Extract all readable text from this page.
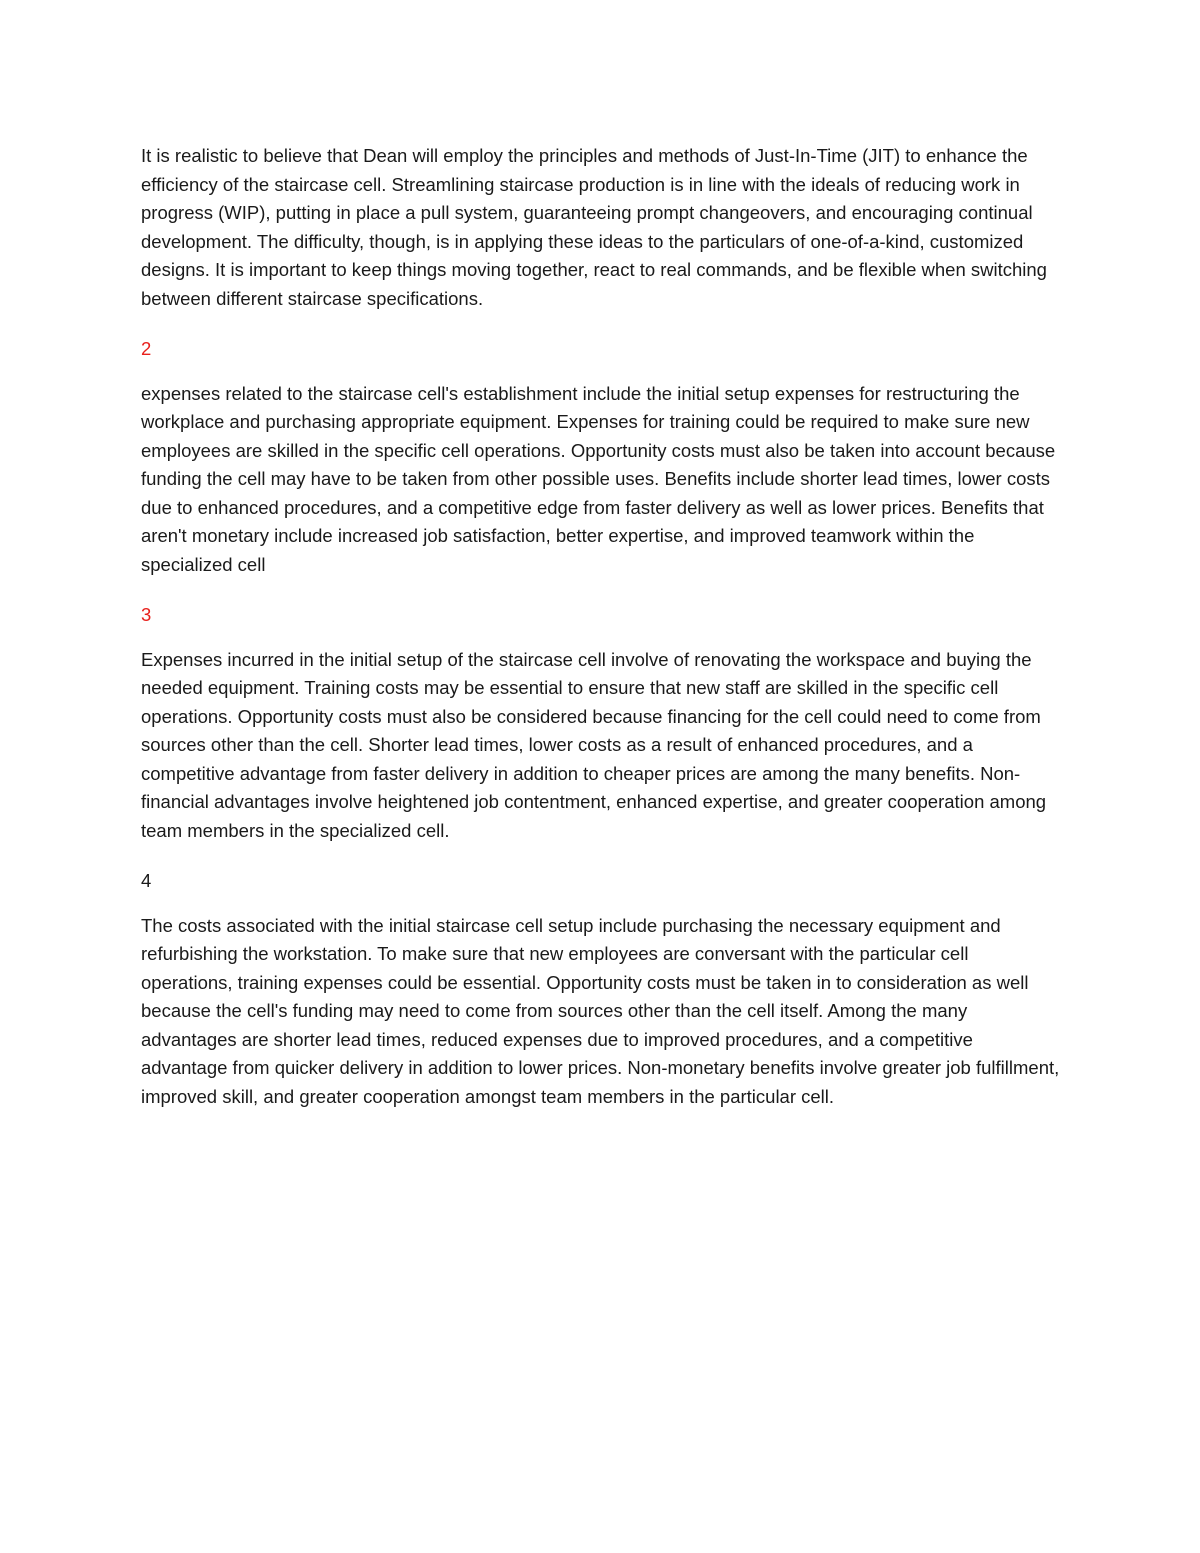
It is realistic to believe that Dean will employ the principles and methods of Just-In-Time (JIT) to enhance the efficiency of the staircase cell. Streamlining staircase production is in line with the ideals of reducing work in progress (WIP), putting in place a pull system, guaranteeing prompt changeovers, and encouraging continual development. The difficulty, though, is in applying these ideas to the particulars of one-of-a-kind, customized designs. It is important to keep things moving together, react to real commands, and be flexible when switching between different staircase specifications.

2

expenses related to the staircase cell's establishment include the initial setup expenses for restructuring the workplace and purchasing appropriate equipment. Expenses for training could be required to make sure new employees are skilled in the specific cell operations. Opportunity costs must also be taken into account because funding the cell may have to be taken from other possible uses. Benefits include shorter lead times, lower costs due to enhanced procedures, and a competitive edge from faster delivery as well as lower prices. Benefits that aren't monetary include increased job satisfaction, better expertise, and improved teamwork within the specialized cell

3

Expenses incurred in the initial setup of the staircase cell involve of renovating the workspace and buying the needed equipment. Training costs may be essential to ensure that new staff are skilled in the specific cell operations. Opportunity costs must also be considered because financing for the cell could need to come from sources other than the cell. Shorter lead times, lower costs as a result of enhanced procedures, and a competitive advantage from faster delivery in addition to cheaper prices are among the many benefits. Non-financial advantages involve heightened job contentment, enhanced expertise, and greater cooperation among team members in the specialized cell.

4

The costs associated with the initial staircase cell setup include purchasing the necessary equipment and refurbishing the workstation. To make sure that new employees are conversant with the particular cell operations, training expenses could be essential. Opportunity costs must be taken in to consideration as well because the cell's funding may need to come from sources other than the cell itself. Among the many advantages are shorter lead times, reduced expenses due to improved procedures, and a competitive advantage from quicker delivery in addition to lower prices. Non-monetary benefits involve greater job fulfillment, improved skill, and greater cooperation amongst team members in the particular cell.
